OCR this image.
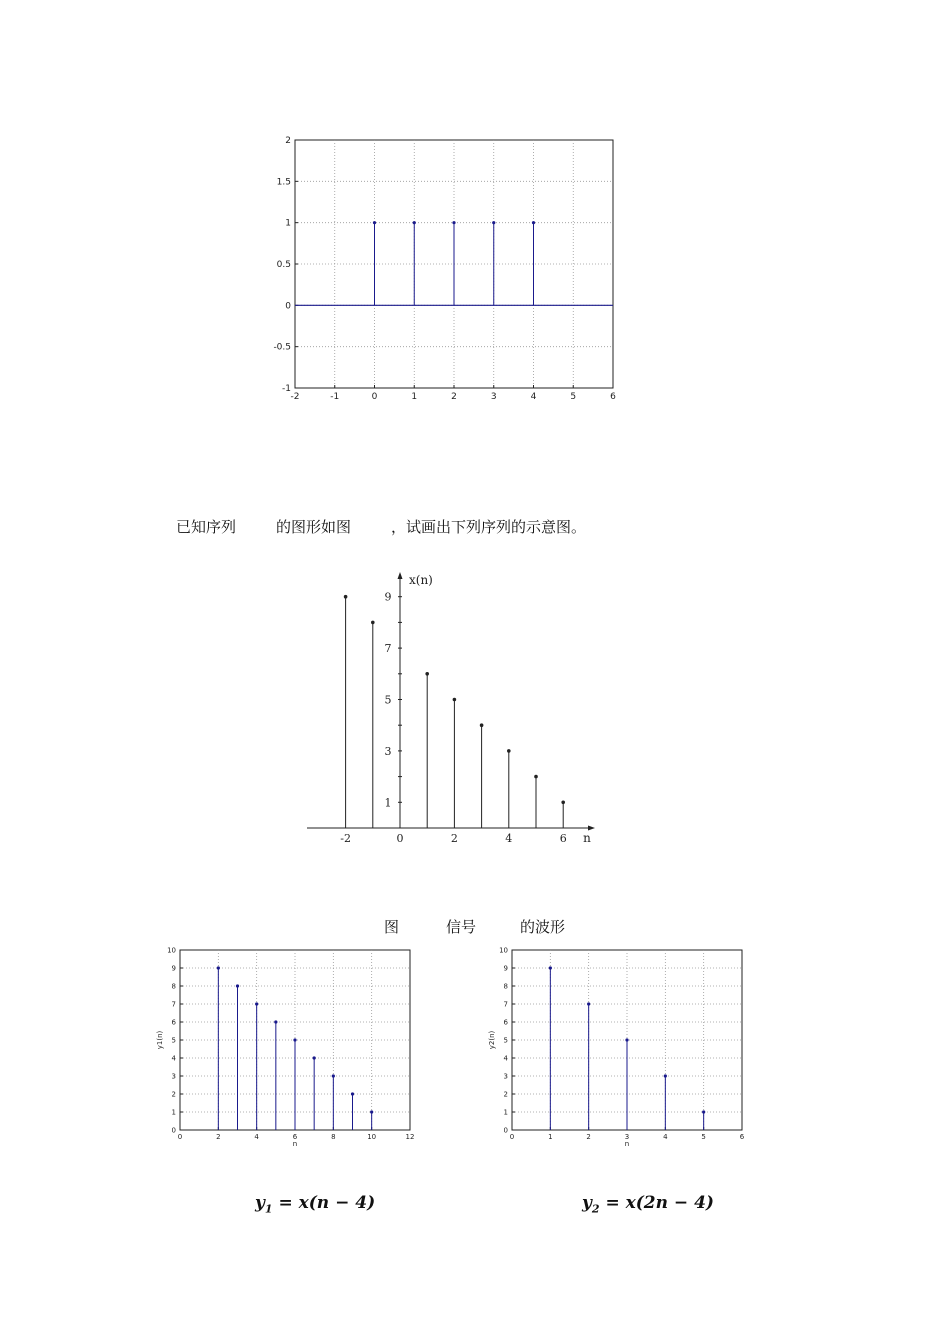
-2	-1	0	1	2	3	4	5	6
-1
-0.5
0
0.5
1
1.5
2
已知序列	的图形如图	，试画出下列序列的示意图。
1
3
5
7
9
-2	0	2	4	6 n
x(n)
图	信号	的波形
0	2	4	6	8	10	12
0
1
2
3
4
5
6
7
8
9
10
n
y1(n)
0	1	2	3	4	5	6
0
1
2
3
4
5
6
7
8
9
10
n
y2(n)
$y_1 = x(n - 4)$	$y_2 = x(2n - 4)$
